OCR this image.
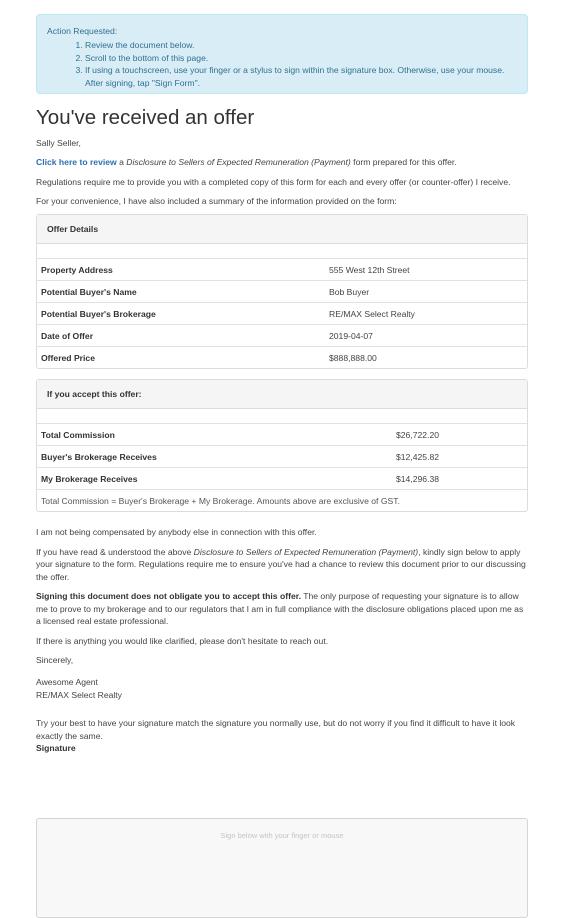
Action Requested:
1. Review the document below.
2. Scroll to the bottom of this page.
3. If using a touchscreen, use your finger or a stylus to sign within the signature box. Otherwise, use your mouse. After signing, tap "Sign Form".
You've received an offer

Sally Seller,

Click here to review a Disclosure to Sellers of Expected Remuneration (Payment) form prepared for this offer.

Regulations require me to provide you with a completed copy of this form for each and every offer (or counter-offer) I receive.

For your convenience, I have also included a summary of the information provided on the form:

Offer Details
Property Address	555 West 12th Street
Potential Buyer's Name	Bob Buyer
Potential Buyer's Brokerage	RE/MAX Select Realty
Date of Offer	2019-04-07
Offered Price	$888,888.00
If you accept this offer:
Total Commission	$26,722.20
Buyer's Brokerage Receives	$12,425.82
My Brokerage Receives	$14,296.38
Total Commission = Buyer's Brokerage + My Brokerage. Amounts above are exclusive of GST.	

I am not being compensated by anybody else in connection with this offer.

If you have read & understood the above Disclosure to Sellers of Expected Remuneration (Payment), kindly sign below to apply your signature to the form. Regulations require me to ensure you've had a chance to review this document prior to our discussing the offer.

Signing this document does not obligate you to accept this offer. The only purpose of requesting your signature is to allow me to prove to my brokerage and to our regulators that I am in full compliance with the disclosure obligations placed upon me as a licensed real estate professional.

If there is anything you would like clarified, please don't hesitate to reach out.

Sincerely,

Awesome Agent

RE/MAX Select Realty

Try your best to have your signature match the signature you normally use, but do not worry if you find it difficult to have it look exactly the same.

Signature
Sign below with your finger or mouse
